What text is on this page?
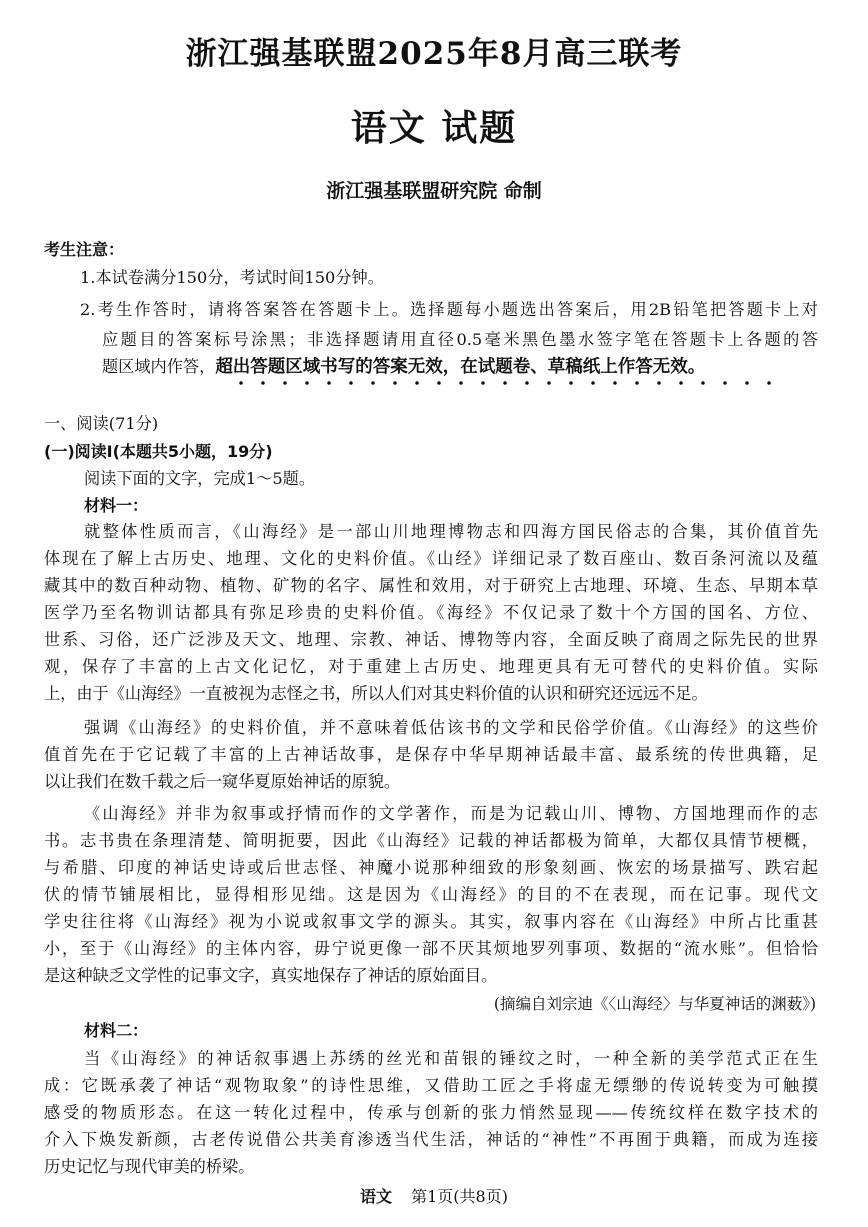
浙江强基联盟2025年8月高三联考
语文 试题
浙江强基联盟研究院 命制
考生注意：
1.本试卷满分150分，考试时间150分钟。
2.考生作答时，请将答案答在答题卡上。选择题每小题选出答案后，用2B铅笔把答题卡上对
应题目的答案标号涂黑；非选择题请用直径0.5毫米黑色墨水签字笔在答题卡上各题的答
题区域内作答，超出答题区域书写的答案无效，在试题卷、草稿纸上作答无效。
一、阅读(71分)
(一)阅读Ⅰ(本题共5小题，19分)
阅读下面的文字，完成1～5题。
材料一：
就整体性质而言，《山海经》是一部山川地理博物志和四海方国民俗志的合集，其价值首先
体现在了解上古历史、地理、文化的史料价值。《山经》详细记录了数百座山、数百条河流以及蕴
藏其中的数百种动物、植物、矿物的名字、属性和效用，对于研究上古地理、环境、生态、早期本草
医学乃至名物训诂都具有弥足珍贵的史料价值。《海经》不仅记录了数十个方国的国名、方位、
世系、习俗，还广泛涉及天文、地理、宗教、神话、博物等内容，全面反映了商周之际先民的世界
观，保存了丰富的上古文化记忆，对于重建上古历史、地理更具有无可替代的史料价值。实际
上，由于《山海经》一直被视为志怪之书，所以人们对其史料价值的认识和研究还远远不足。
强调《山海经》的史料价值，并不意味着低估该书的文学和民俗学价值。《山海经》的这些价
值首先在于它记载了丰富的上古神话故事，是保存中华早期神话最丰富、最系统的传世典籍，足
以让我们在数千载之后一窥华夏原始神话的原貌。
《山海经》并非为叙事或抒情而作的文学著作，而是为记载山川、博物、方国地理而作的志
书。志书贵在条理清楚、简明扼要，因此《山海经》记载的神话都极为简单，大都仅具情节梗概，
与希腊、印度的神话史诗或后世志怪、神魔小说那种细致的形象刻画、恢宏的场景描写、跌宕起
伏的情节铺展相比，显得相形见绌。这是因为《山海经》的目的不在表现，而在记事。现代文
学史往往将《山海经》视为小说或叙事文学的源头。其实，叙事内容在《山海经》中所占比重甚
小，至于《山海经》的主体内容，毋宁说更像一部不厌其烦地罗列事项、数据的“流水账”。但恰恰
是这种缺乏文学性的记事文字，真实地保存了神话的原始面目。
(摘编自刘宗迪《〈山海经〉与华夏神话的渊薮》)
材料二：
当《山海经》的神话叙事遇上苏绣的丝光和苗银的锤纹之时，一种全新的美学范式正在生
成：它既承袭了神话“观物取象”的诗性思维，又借助工匠之手将虚无缥缈的传说转变为可触摸
感受的物质形态。在这一转化过程中，传承与创新的张力悄然显现——传统纹样在数字技术的
介入下焕发新颜，古老传说借公共美育渗透当代生活，神话的“神性”不再囿于典籍，而成为连接
历史记忆与现代审美的桥梁。
语文 第1页(共8页)
